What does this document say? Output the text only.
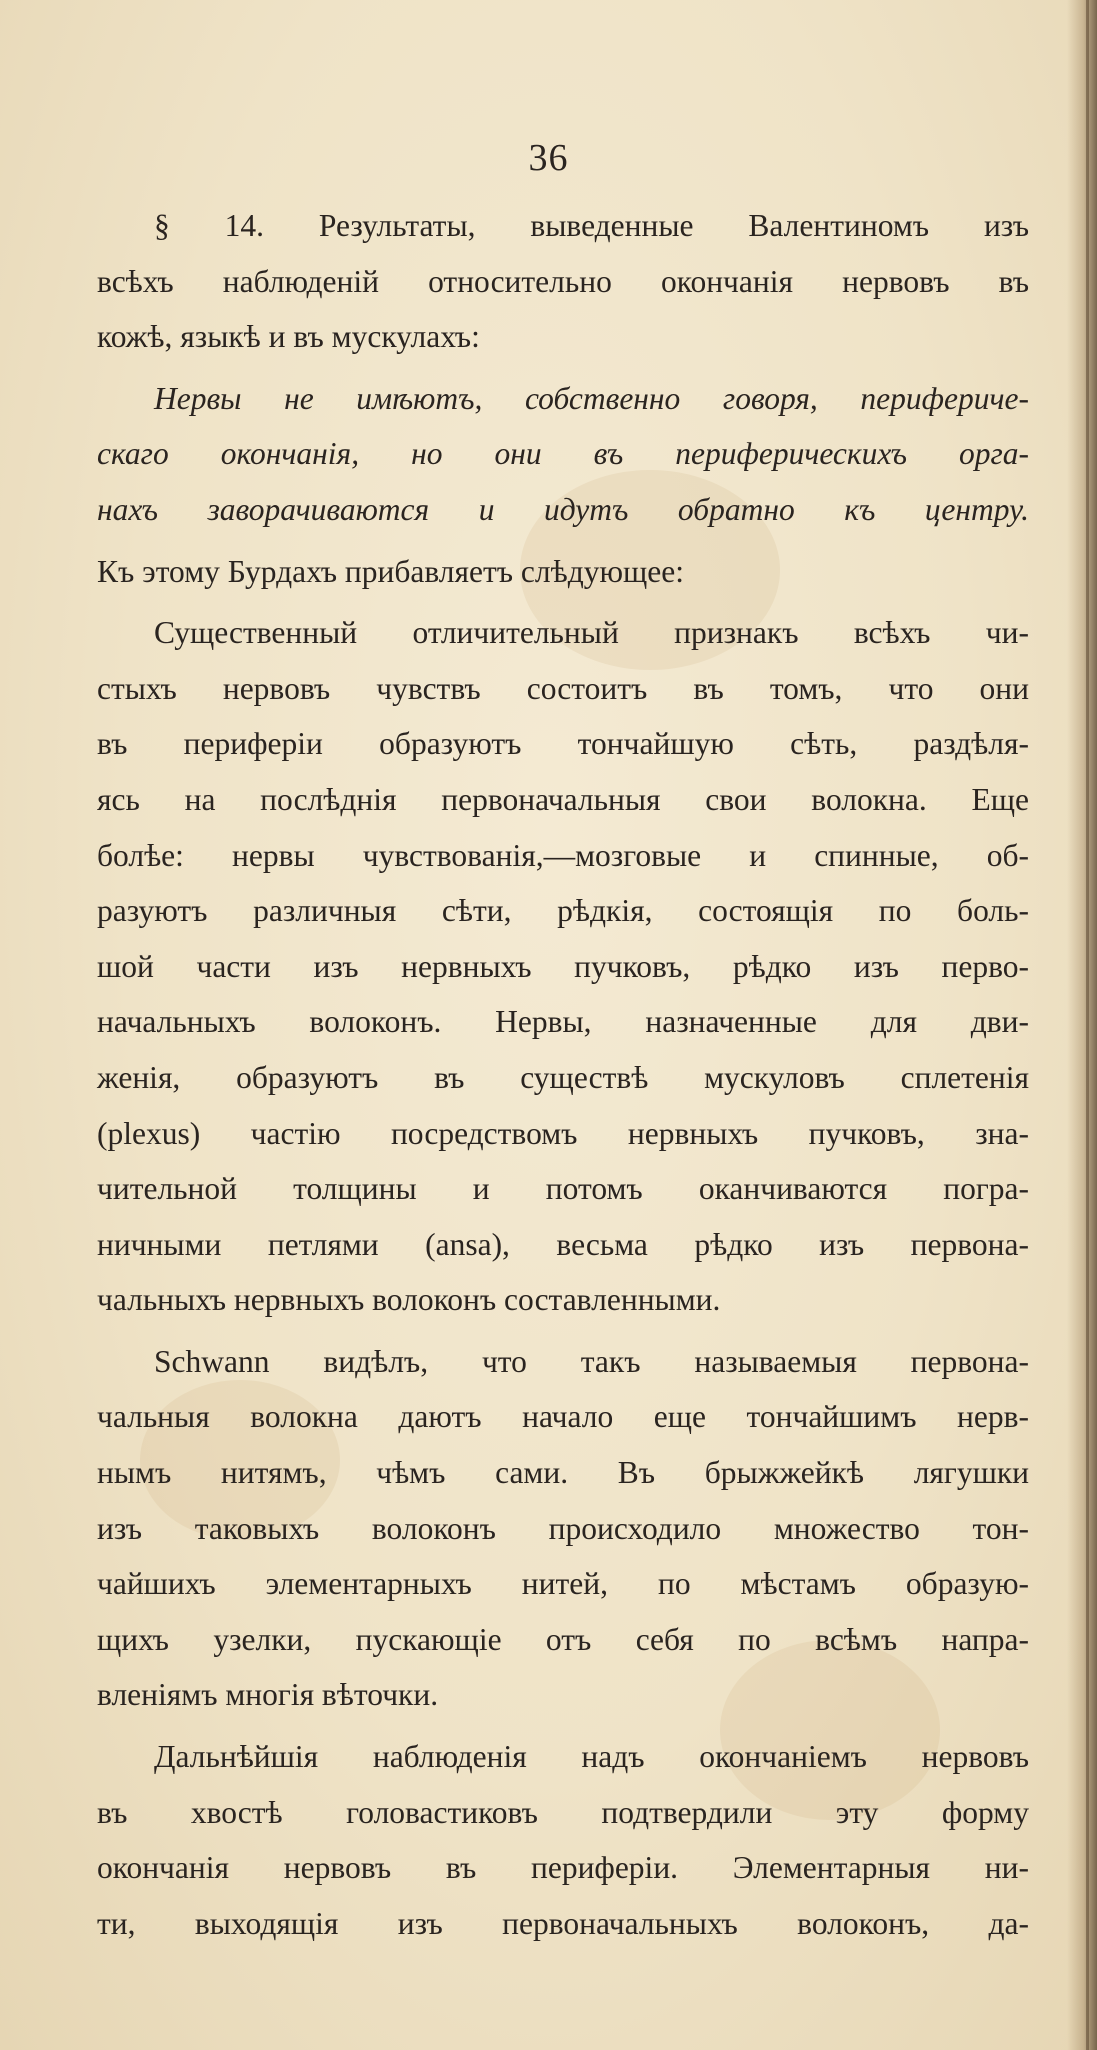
36
§ 14. Результаты, выведенные Валентиномъ изъ
всѣхъ наблюденій относительно окончанія нервовъ въ
кожѣ, языкѣ и въ мускулахъ:
Нервы не имѣютъ, собственно говоря, периферичe-
скаго окончанія, но они въ периферическихъ орга-
нахъ заворачиваются и идутъ обратно къ центру.
Къ этому Бурдахъ прибавляетъ слѣдующее:
Существенный отличительный признакъ всѣхъ чи-
стыхъ нервовъ чувствъ состоитъ въ томъ, что они
въ периферіи образуютъ тончайшую сѣть, раздѣля-
ясь на послѣднія первоначальныя свои волокна. Еще
болѣе: нервы чувствованія,—мозговые и спинные, об-
разуютъ различныя сѣти, рѣдкія, состоящія по боль-
шой части изъ нервныхъ пучковъ, рѣдко изъ перво-
начальныхъ волоконъ. Нервы, назначенные для дви-
женія, образуютъ въ существѣ мускуловъ сплетенія
(plexus) частію посредствомъ нервныхъ пучковъ, зна-
чительной толщины и потомъ оканчиваются погра-
ничными петлями (ansa), весьма рѣдко изъ первона-
чальныхъ нервныхъ волоконъ составленными.
Schwann видѣлъ, что такъ называемыя первона-
чальныя волокна даютъ начало еще тончайшимъ нерв-
нымъ нитямъ, чѣмъ сами. Въ брыжжейкѣ лягушки
изъ таковыхъ волоконъ происходило множество тон-
чайшихъ элементарныхъ нитей, по мѣстамъ образую-
щихъ узелки, пускающіе отъ себя по всѣмъ напра-
вленіямъ многія вѣточки.
Дальнѣйшія наблюденія надъ окончаніемъ нервовъ
въ хвостѣ головастиковъ подтвердили эту форму
окончанія нервовъ въ периферіи. Элементарныя ни-
ти, выходящія изъ первоначальныхъ волоконъ, да-
